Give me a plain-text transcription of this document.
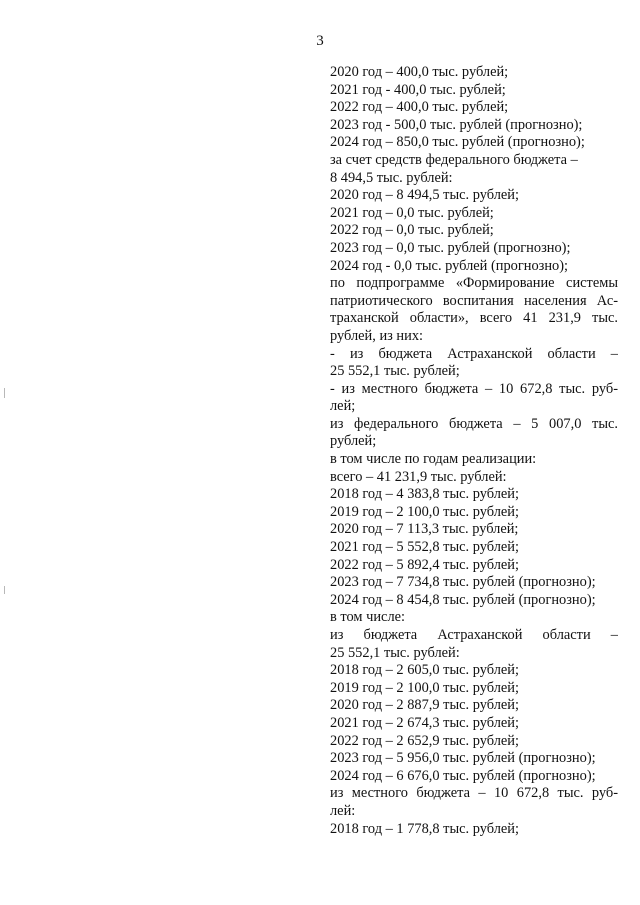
3
2020 год – 400,0 тыс. рублей;
2021 год - 400,0 тыс. рублей;
2022 год – 400,0 тыс. рублей;
2023 год - 500,0 тыс. рублей (прогнозно);
2024 год – 850,0 тыс. рублей (прогнозно);
за счет средств федерального бюджета –
8 494,5 тыс. рублей:
2020 год – 8 494,5 тыс. рублей;
2021 год – 0,0 тыс. рублей;
2022 год – 0,0 тыс. рублей;
2023 год – 0,0 тыс. рублей (прогнозно);
2024 год - 0,0 тыс. рублей (прогнозно);
по подпрограмме «Формирование системы
патриотического воспитания населения Ас-
траханской области», всего 41 231,9 тыс.
рублей, из них:
- из бюджета Астраханской области –
25 552,1 тыс. рублей;
- из местного бюджета – 10 672,8 тыс. руб-
лей;
из федерального бюджета – 5 007,0 тыс.
рублей;
в том числе по годам реализации:
всего – 41 231,9 тыс. рублей:
2018 год – 4 383,8 тыс. рублей;
2019 год – 2 100,0 тыс. рублей;
2020 год – 7 113,3 тыс. рублей;
2021 год – 5 552,8 тыс. рублей;
2022 год – 5 892,4 тыс. рублей;
2023 год – 7 734,8 тыс. рублей (прогнозно);
2024 год – 8 454,8 тыс. рублей (прогнозно);
в том числе:
из бюджета Астраханской области –
25 552,1 тыс. рублей:
2018 год – 2 605,0 тыс. рублей;
2019 год – 2 100,0 тыс. рублей;
2020 год – 2 887,9 тыс. рублей;
2021 год – 2 674,3 тыс. рублей;
2022 год – 2 652,9 тыс. рублей;
2023 год – 5 956,0 тыс. рублей (прогнозно);
2024 год – 6 676,0 тыс. рублей (прогнозно);
из местного бюджета – 10 672,8 тыс. руб-
лей:
2018 год – 1 778,8 тыс. рублей;
